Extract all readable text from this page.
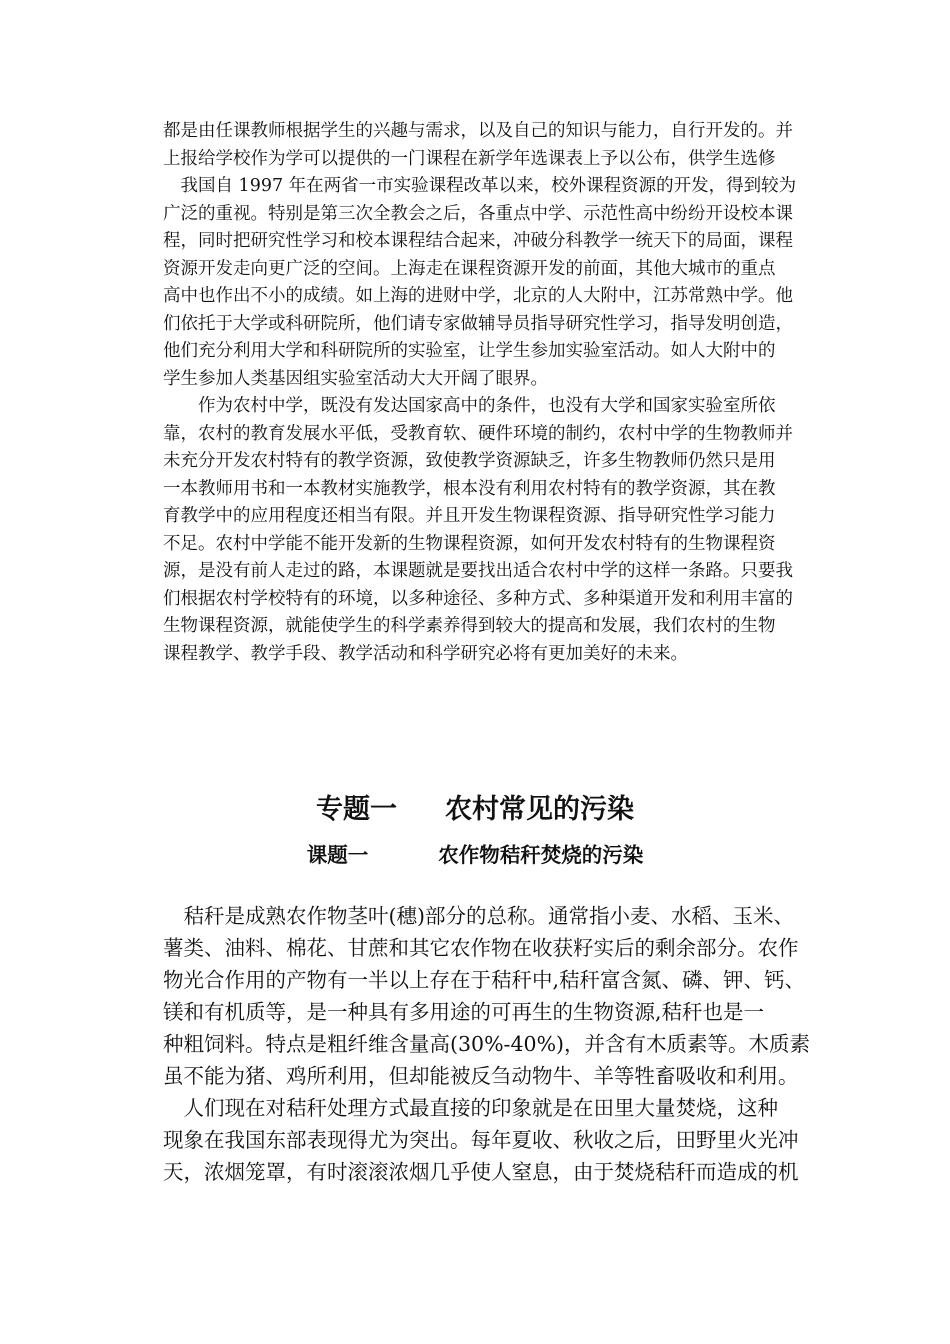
都是由任课教师根据学生的兴趣与需求，以及自己的知识与能力，自行开发的。并
上报给学校作为学可以提供的一门课程在新学年选课表上予以公布，供学生选修
　我国自 1997 年在两省一市实验课程改革以来，校外课程资源的开发，得到较为
广泛的重视。特别是第三次全教会之后，各重点中学、示范性高中纷纷开设校本课
程，同时把研究性学习和校本课程结合起来，冲破分科教学一统天下的局面，课程
资源开发走向更广泛的空间。上海走在课程资源开发的前面，其他大城市的重点
高中也作出不小的成绩。如上海的进财中学，北京的人大附中，江苏常熟中学。他
们依托于大学或科研院所，他们请专家做辅导员指导研究性学习，指导发明创造，
他们充分利用大学和科研院所的实验室，让学生参加实验室活动。如人大附中的
学生参加人类基因组实验室活动大大开阔了眼界。
　　作为农村中学，既没有发达国家高中的条件，也没有大学和国家实验室所依
靠，农村的教育发展水平低，受教育软、硬件环境的制约，农村中学的生物教师并
未充分开发农村特有的教学资源，致使教学资源缺乏，许多生物教师仍然只是用
一本教师用书和一本教材实施教学，根本没有利用农村特有的教学资源，其在教
育教学中的应用程度还相当有限。并且开发生物课程资源、指导研究性学习能力
不足。农村中学能不能开发新的生物课程资源，如何开发农村特有的生物课程资
源，是没有前人走过的路，本课题就是要找出适合农村中学的这样一条路。只要我
们根据农村学校特有的环境，以多种途径、多种方式、多种渠道开发和利用丰富的
生物课程资源，就能使学生的科学素养得到较大的提高和发展，我们农村的生物
课程教学、教学手段、教学活动和科学研究必将有更加美好的未来。
专题一 农村常见的污染
课题一	农作物秸秆焚烧的污染
　秸秆是成熟农作物茎叶(穗)部分的总称。通常指小麦、水稻、玉米、
薯类、油料、棉花、甘蔗和其它农作物在收获籽实后的剩余部分。农作
物光合作用的产物有一半以上存在于秸秆中,秸秆富含氮、磷、钾、钙、
镁和有机质等，是一种具有多用途的可再生的生物资源,秸秆也是一
种粗饲料。特点是粗纤维含量高(30%-40%)，并含有木质素等。木质素
虽不能为猪、鸡所利用，但却能被反刍动物牛、羊等牲畜吸收和利用。
　人们现在对秸秆处理方式最直接的印象就是在田里大量焚烧，这种
现象在我国东部表现得尤为突出。每年夏收、秋收之后，田野里火光冲
天，浓烟笼罩，有时滚滚浓烟几乎使人窒息，由于焚烧秸秆而造成的机
